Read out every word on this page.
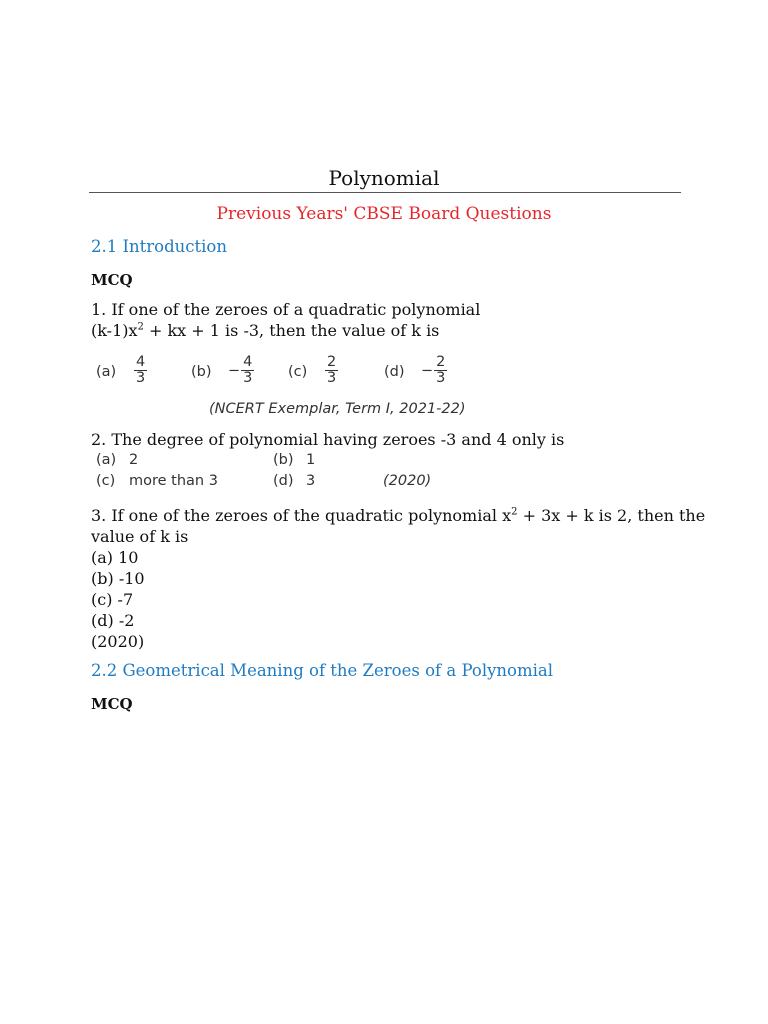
Polynomial
Previous Years' CBSE Board Questions
2.1 Introduction
MCQ
1. If one of the zeroes of a quadratic polynomial
$(k-1)x^2$ + kx + 1 is -3, then the value of k is
(a)
4
3	$(b) - \frac{4}{3} (c)$
2
3	$(d) - \frac{2}{3}$
(NCERT Exemplar, Term I, 2021-22)
2. The degree of polynomial having zeroes -3 and 4 only is
(a) 2	(b) 1
(c) more than 3	(d) 3	(2020)
3. If one of the zeroes of the quadratic polynomial $x^2 + 3x + k$ is 2, then the
value of k is
(a) 10
(b) -10
(c) -7
(d) -2
(2020)
2.2 Geometrical Meaning of the Zeroes of a Polynomial
MCQ
